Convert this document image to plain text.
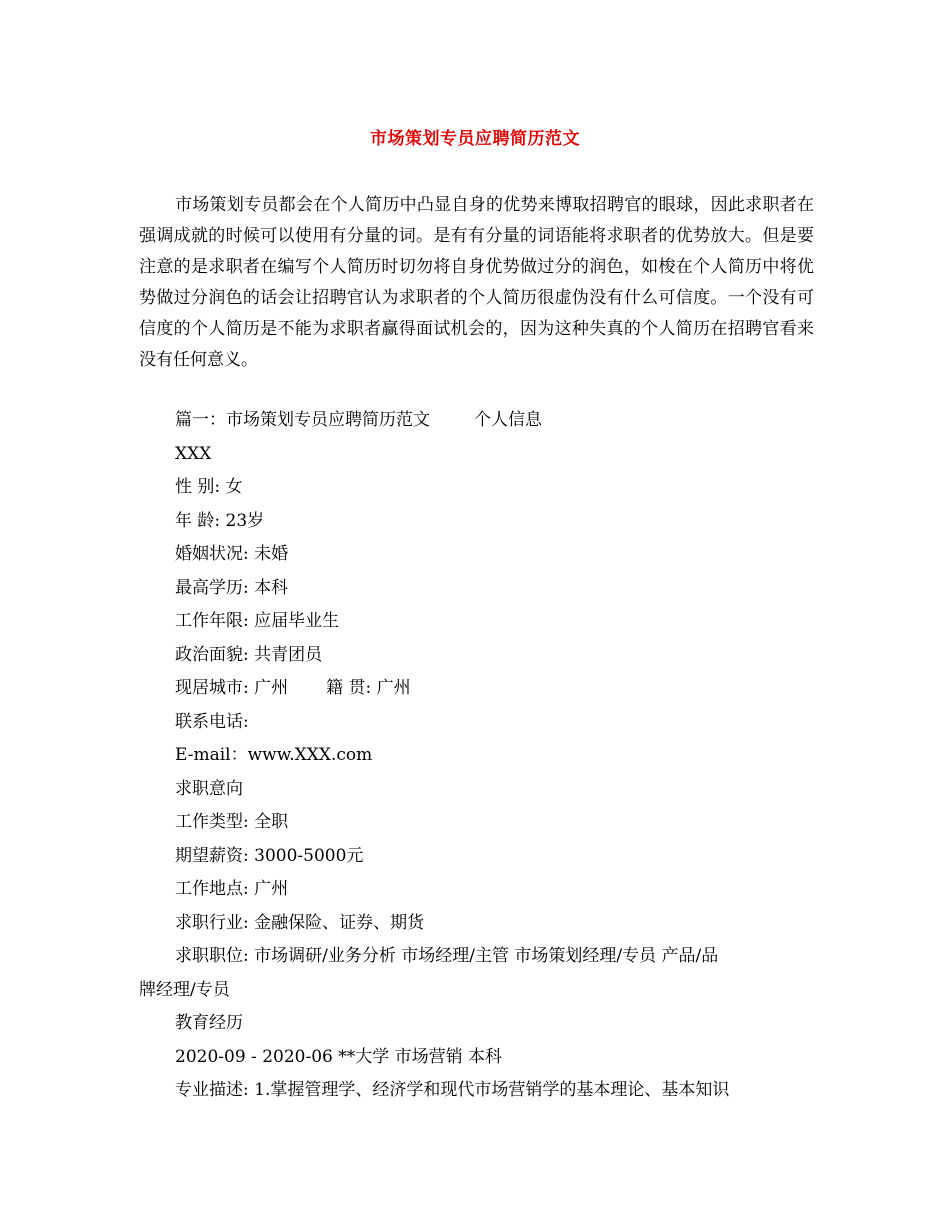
市场策划专员应聘简历范文

市场策划专员都会在个人简历中凸显自身的优势来博取招聘官的眼球，因此求职者在强调成就的时候可以使用有分量的词。是有有分量的词语能将求职者的优势放大。但是要注意的是求职者在编写个人简历时切勿将自身优势做过分的润色，如梭在个人简历中将优势做过分润色的话会让招聘官认为求职者的个人简历很虚伪没有什么可信度。一个没有可信度的个人简历是不能为求职者赢得面试机会的，因为这种失真的个人简历在招聘官看来没有任何意义。

篇一：市场策划专员应聘简历范文	个人信息
XXX
性 别: 女
年 龄: 23岁
婚姻状况: 未婚
最高学历: 本科
工作年限: 应届毕业生
政治面貌: 共青团员
现居城市: 广州 籍 贯: 广州
联系电话:
E-mail：www.XXX.com
求职意向
工作类型: 全职
期望薪资: 3000-5000元
工作地点: 广州
求职行业: 金融保险、证券、期货
求职职位: 市场调研/业务分析 市场经理/主管 市场策划经理/专员 产品/品
牌经理/专员
教育经历
2020-09 - 2020-06 **大学 市场营销 本科
专业描述: 1.掌握管理学、经济学和现代市场营销学的基本理论、基本知识
